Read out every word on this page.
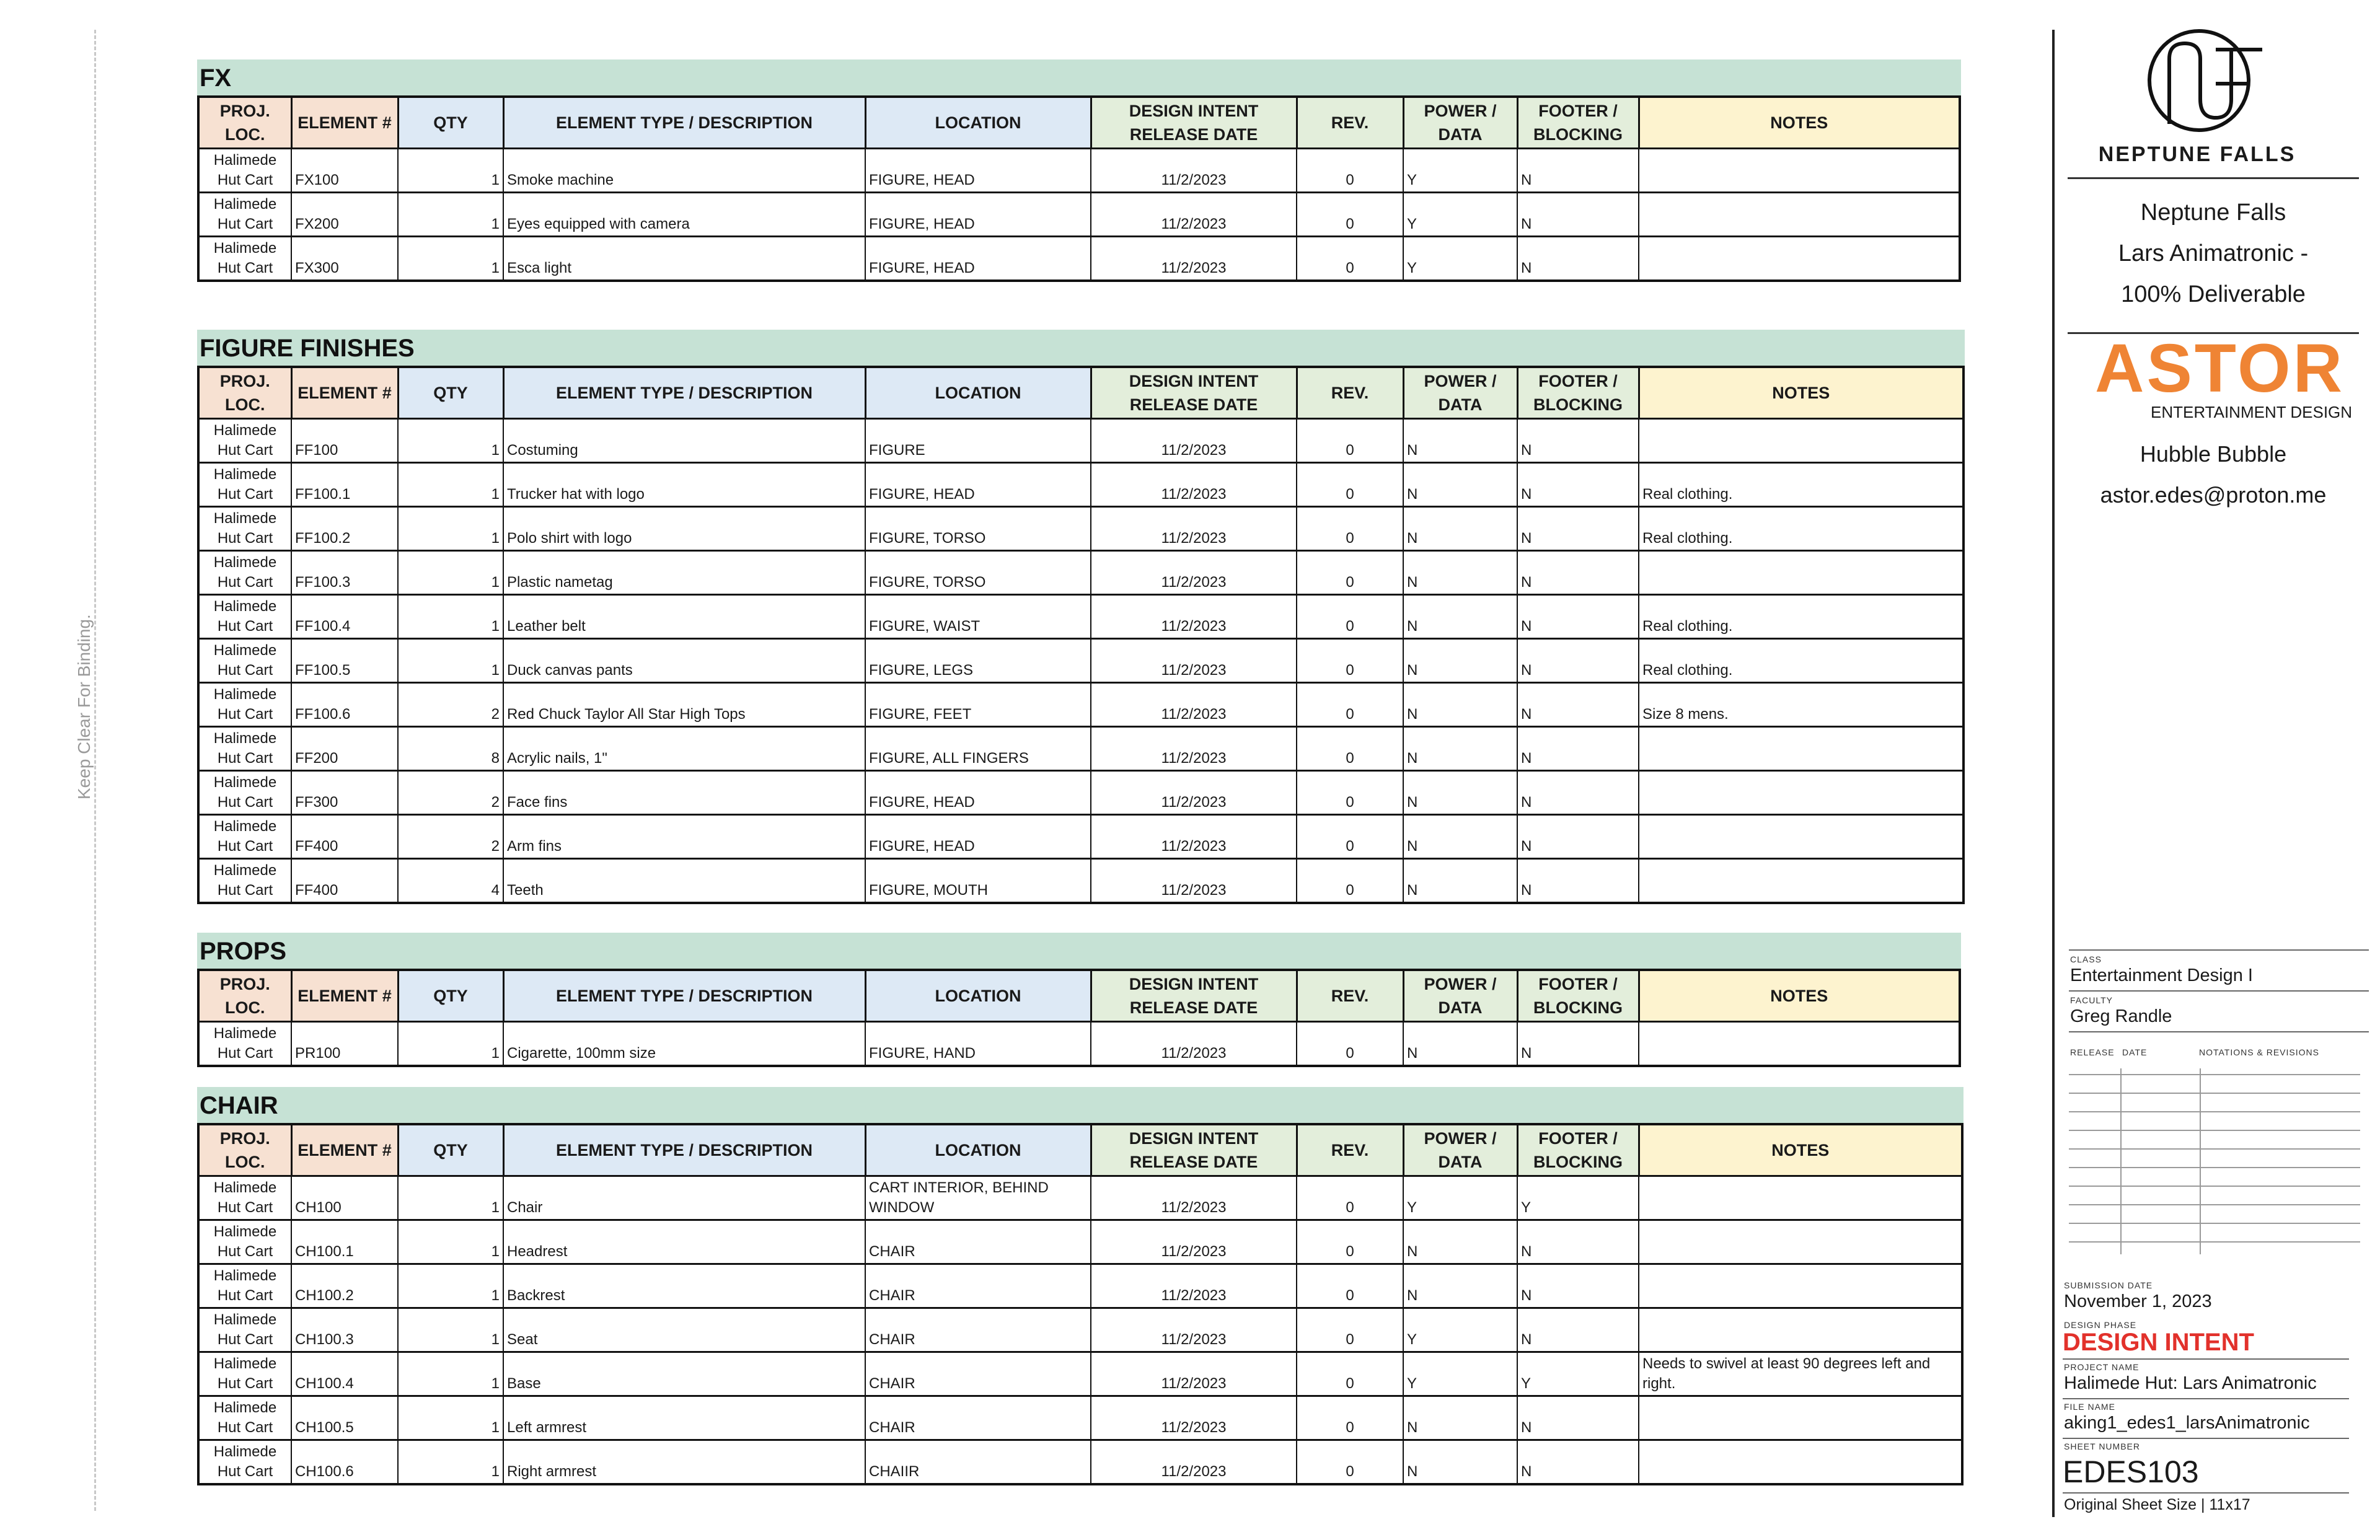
Keep Clear For Binding.
FX
PROJ. LOC.	ELEMENT #	QTY	ELEMENT TYPE / DESCRIPTION	LOCATION	DESIGN INTENT RELEASE DATE	REV.	POWER / DATA	FOOTER / BLOCKING	NOTES
Halimede Hut Cart	FX100	1	Smoke machine	FIGURE, HEAD	11/2/2023	0	Y	N	
Halimede Hut Cart	FX200	1	Eyes equipped with camera	FIGURE, HEAD	11/2/2023	0	Y	N	
Halimede Hut Cart	FX300	1	Esca light	FIGURE, HEAD	11/2/2023	0	Y	N	
FIGURE FINISHES
PROJ. LOC.	ELEMENT #	QTY	ELEMENT TYPE / DESCRIPTION	LOCATION	DESIGN INTENT RELEASE DATE	REV.	POWER / DATA	FOOTER / BLOCKING	NOTES
Halimede Hut Cart	FF100	1	Costuming	FIGURE	11/2/2023	0	N	N	
Halimede Hut Cart	FF100.1	1	Trucker hat with logo	FIGURE, HEAD	11/2/2023	0	N	N	Real clothing.
Halimede Hut Cart	FF100.2	1	Polo shirt with logo	FIGURE, TORSO	11/2/2023	0	N	N	Real clothing.
Halimede Hut Cart	FF100.3	1	Plastic nametag	FIGURE, TORSO	11/2/2023	0	N	N	
Halimede Hut Cart	FF100.4	1	Leather belt	FIGURE, WAIST	11/2/2023	0	N	N	Real clothing.
Halimede Hut Cart	FF100.5	1	Duck canvas pants	FIGURE, LEGS	11/2/2023	0	N	N	Real clothing.
Halimede Hut Cart	FF100.6	2	Red Chuck Taylor All Star High Tops	FIGURE, FEET	11/2/2023	0	N	N	Size 8 mens.
Halimede Hut Cart	FF200	8	Acrylic nails, 1"	FIGURE, ALL FINGERS	11/2/2023	0	N	N	
Halimede Hut Cart	FF300	2	Face fins	FIGURE, HEAD	11/2/2023	0	N	N	
Halimede Hut Cart	FF400	2	Arm fins	FIGURE, HEAD	11/2/2023	0	N	N	
Halimede Hut Cart	FF400	4	Teeth	FIGURE, MOUTH	11/2/2023	0	N	N	
PROPS
PROJ. LOC.	ELEMENT #	QTY	ELEMENT TYPE / DESCRIPTION	LOCATION	DESIGN INTENT RELEASE DATE	REV.	POWER / DATA	FOOTER / BLOCKING	NOTES
Halimede Hut Cart	PR100	1	Cigarette, 100mm size	FIGURE, HAND	11/2/2023	0	N	N	
CHAIR
PROJ. LOC.	ELEMENT #	QTY	ELEMENT TYPE / DESCRIPTION	LOCATION	DESIGN INTENT RELEASE DATE	REV.	POWER / DATA	FOOTER / BLOCKING	NOTES
Halimede Hut Cart	CH100	1	Chair	CART INTERIOR, BEHIND WINDOW	11/2/2023	0	Y	Y	
Halimede Hut Cart	CH100.1	1	Headrest	CHAIR	11/2/2023	0	N	N	
Halimede Hut Cart	CH100.2	1	Backrest	CHAIR	11/2/2023	0	N	N	
Halimede Hut Cart	CH100.3	1	Seat	CHAIR	11/2/2023	0	Y	N	
Halimede Hut Cart	CH100.4	1	Base	CHAIR	11/2/2023	0	Y	Y	Needs to swivel at least 90 degrees left and right.
Halimede Hut Cart	CH100.5	1	Left armrest	CHAIR	11/2/2023	0	N	N	
Halimede Hut Cart	CH100.6	1	Right armrest	CHAIIR	11/2/2023	0	N	N	
NEPTUNE FALLS
Neptune Falls
Lars Animatronic -
100% Deliverable
ASTOR
ENTERTAINMENT DESIGN
Hubble Bubble
astor.edes@proton.me
CLASS
Entertainment Design I
FACULTY
Greg Randle
RELEASE DATE	NOTATIONS & REVISIONS
SUBMISSION DATE
November 1, 2023
DESIGN PHASE
DESIGN INTENT
PROJECT NAME
Halimede Hut: Lars Animatronic
FILE NAME
aking1_edes1_larsAnimatronic
SHEET NUMBER
EDES103
Original Sheet Size | 11x17
